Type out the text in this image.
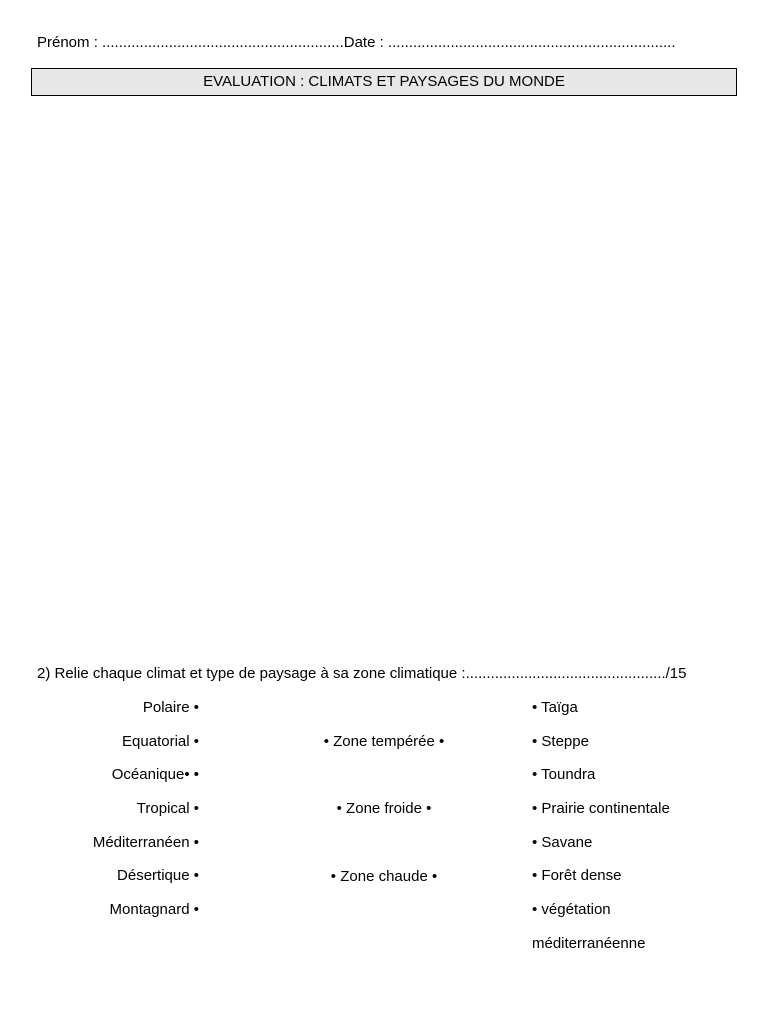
Prénom : ..........................................................Date : .....................................................................
EVALUATION : CLIMATS ET PAYSAGES DU MONDE
2) Relie chaque climat et type de paysage à sa zone climatique :................................................/15
Polaire •
Equatorial •
Océanique• •
Tropical •
Méditerranéen •
Désertique •
Montagnard •
• Zone tempérée •
• Zone froide •
• Zone chaude •
• Taïga
• Steppe
• Toundra
• Prairie continentale
• Savane
• Forêt dense
• végétation
méditerranéenne
